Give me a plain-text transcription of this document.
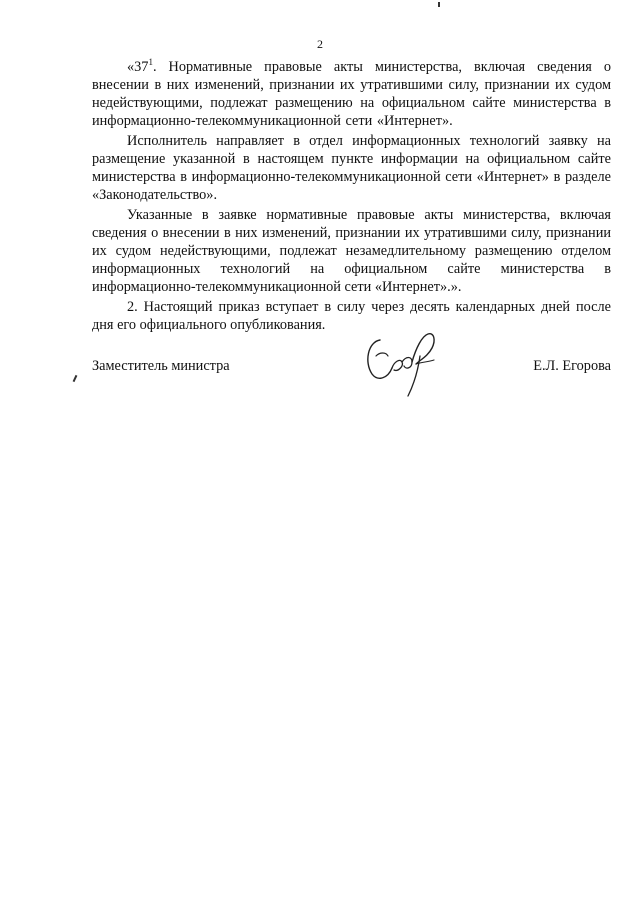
2

«$37^1$. Нормативные правовые акты министерства, включая сведения о внесении в них изменений, признании их утратившими силу, признании их судом недействующими, подлежат размещению на официальном сайте министерства в информационно-телекоммуникационной сети «Интернет».

Исполнитель направляет в отдел информационных технологий заявку на размещение указанной в настоящем пункте информации на официальном сайте министерства в информационно-телекоммуникационной сети «Интернет» в разделе «Законодательство».

Указанные в заявке нормативные правовые акты министерства, включая сведения о внесении в них изменений, признании их утратившими силу, признании их судом недействующими, подлежат незамедлительному размещению отделом информационных технологий на официальном сайте министерства в информационно-телекоммуникационной сети «Интернет».».

2. Настоящий приказ вступает в силу через десять календарных дней после дня его официального опубликования.

Заместитель министра	Е.Л. Егорова
